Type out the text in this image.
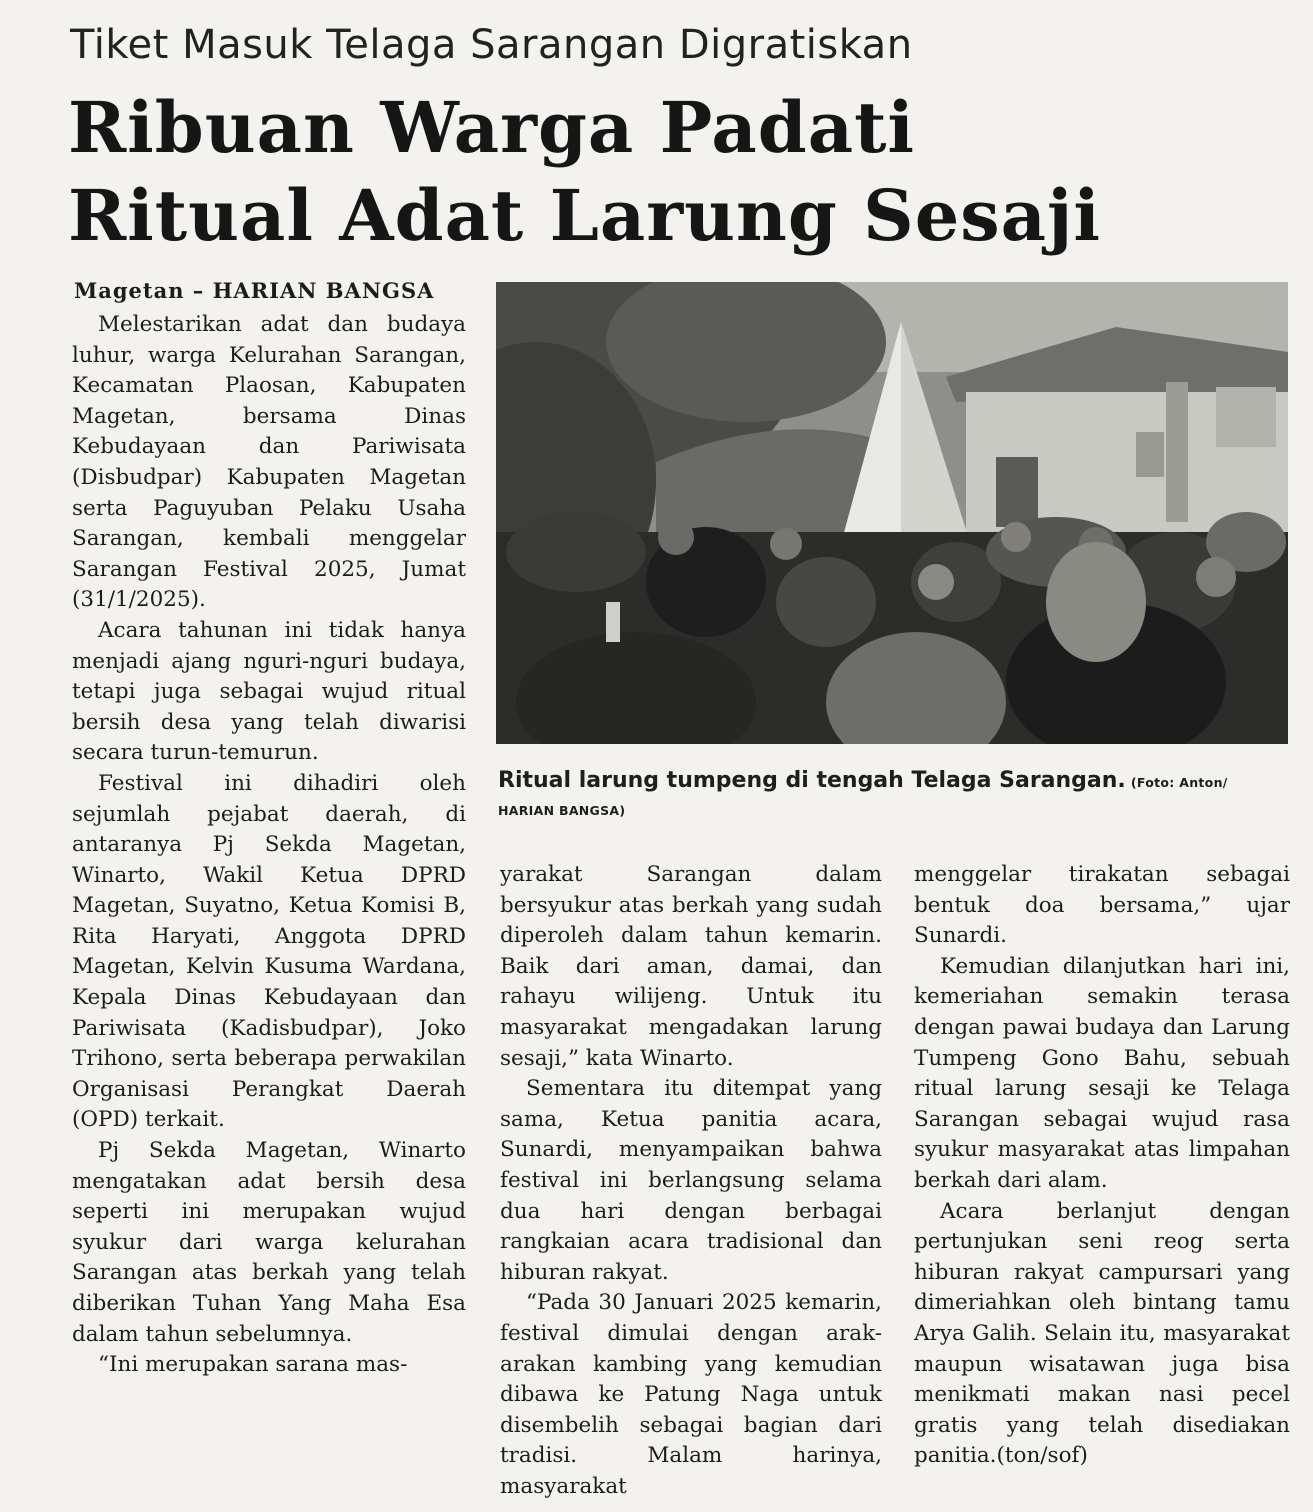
Tiket Masuk Telaga Sarangan Digratiskan
Ribuan Warga Padati
Ritual Adat Larung Sesaji
Magetan – HARIAN BANGSA

Melestarikan adat dan budaya luhur, warga Kelurahan Sarangan, Kecamatan Plaosan, Kabupaten Magetan, bersama Dinas Kebudayaan dan Pariwisata (Disbudpar) Kabupaten Magetan serta Paguyuban Pelaku Usaha Sarangan, kembali menggelar Sarangan Festival 2025, Jumat (31/1/2025).

Acara tahunan ini tidak hanya menjadi ajang nguri-nguri budaya, tetapi juga sebagai wujud ritual bersih desa yang telah diwarisi secara turun-temurun.

Festival ini dihadiri oleh sejumlah pejabat daerah, di antaranya Pj Sekda Magetan, Winarto, Wakil Ketua DPRD Magetan, Suyatno, Ketua Komisi B, Rita Haryati, Anggota DPRD Magetan, Kelvin Kusuma Wardana, Kepala Dinas Kebudayaan dan Pariwisata (Kadisbudpar), Joko Trihono, serta beberapa perwakilan Organisasi Perangkat Daerah (OPD) terkait.

Pj Sekda Magetan, Winarto mengatakan adat bersih desa seperti ini merupakan wujud syukur dari warga kelurahan Sarangan atas berkah yang telah diberikan Tuhan Yang Maha Esa dalam tahun sebelumnya.

“Ini merupakan sarana mas-

Ritual larung tumpeng di tengah Telaga Sarangan. (Foto: Anton/
HARIAN BANGSA)

yarakat Sarangan dalam bersyukur atas berkah yang sudah diperoleh dalam tahun kemarin. Baik dari aman, damai, dan rahayu wilijeng. Untuk itu masyarakat mengadakan larung sesaji,” kata Winarto.

Sementara itu ditempat yang sama, Ketua panitia acara, Sunardi, menyampaikan bahwa festival ini berlangsung selama dua hari dengan berbagai rangkaian acara tradisional dan hiburan rakyat.

“Pada 30 Januari 2025 kemarin, festival dimulai dengan arak-arakan kambing yang kemudian dibawa ke Patung Naga untuk disembelih sebagai bagian dari tradisi. Malam harinya, masyarakat

menggelar tirakatan sebagai bentuk doa bersama,” ujar Sunardi.

Kemudian dilanjutkan hari ini, kemeriahan semakin terasa dengan pawai budaya dan Larung Tumpeng Gono Bahu, sebuah ritual larung sesaji ke Telaga Sarangan sebagai wujud rasa syukur masyarakat atas limpahan berkah dari alam.

Acara berlanjut dengan pertunjukan seni reog serta hiburan rakyat campursari yang dimeriahkan oleh bintang tamu Arya Galih. Selain itu, masyarakat maupun wisatawan juga bisa menikmati makan nasi pecel gratis yang telah disediakan panitia.(ton/sof)
